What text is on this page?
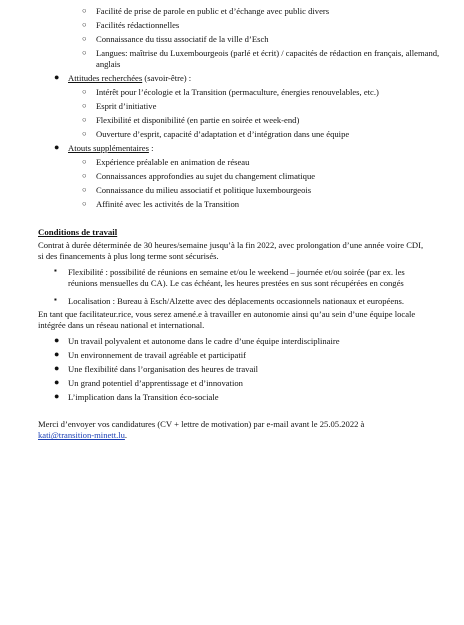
○ Facilité de prise de parole en public et d’échange avec public divers
○ Facilités rédactionnelles
○ Connaissance du tissu associatif de la ville d’Esch
○ Langues: maîtrise du Luxembourgeois (parlé et écrit) / capacités de rédaction en français, allemand, anglais
● Attitudes recherchées (savoir-être) :
○ Intérêt pour l’écologie et la Transition (permaculture, énergies renouvelables, etc.)
○ Esprit d’initiative
○ Flexibilité et disponibilité (en partie en soirée et week-end)
○ Ouverture d’esprit, capacité d’adaptation et d’intégration dans une équipe
● Atouts supplémentaires :
○ Expérience préalable en animation de réseau
○ Connaissances approfondies au sujet du changement climatique
○ Connaissance du milieu associatif et politique luxembourgeois
○ Affinité avec les activités de la Transition
Conditions de travail
Contrat à durée déterminée de 30 heures/semaine jusqu’à la fin 2022, avec prolongation d’une année voire CDI, si des financements à plus long terme sont sécurisés.
▪ Flexibilité : possibilité de réunions en semaine et/ou le weekend – journée et/ou soirée (par ex. les réunions mensuelles du CA). Le cas échéant, les heures prestées en sus sont récupérées en congés
▪ Localisation : Bureau à Esch/Alzette avec des déplacements occasionnels nationaux et européens.
En tant que facilitateur.rice, vous serez amené.e à travailler en autonomie ainsi qu’au sein d’une équipe locale intégrée dans un réseau national et international.
● Un travail polyvalent et autonome dans le cadre d’une équipe interdisciplinaire
● Un environnement de travail agréable et participatif
● Une flexibilité dans l’organisation des heures de travail
● Un grand potentiel d’apprentissage et d’innovation
● L’implication dans la Transition éco-sociale
Merci d’envoyer vos candidatures (CV + lettre de motivation) par e-mail avant le 25.05.2022 à
kati@transition-minett.lu.
